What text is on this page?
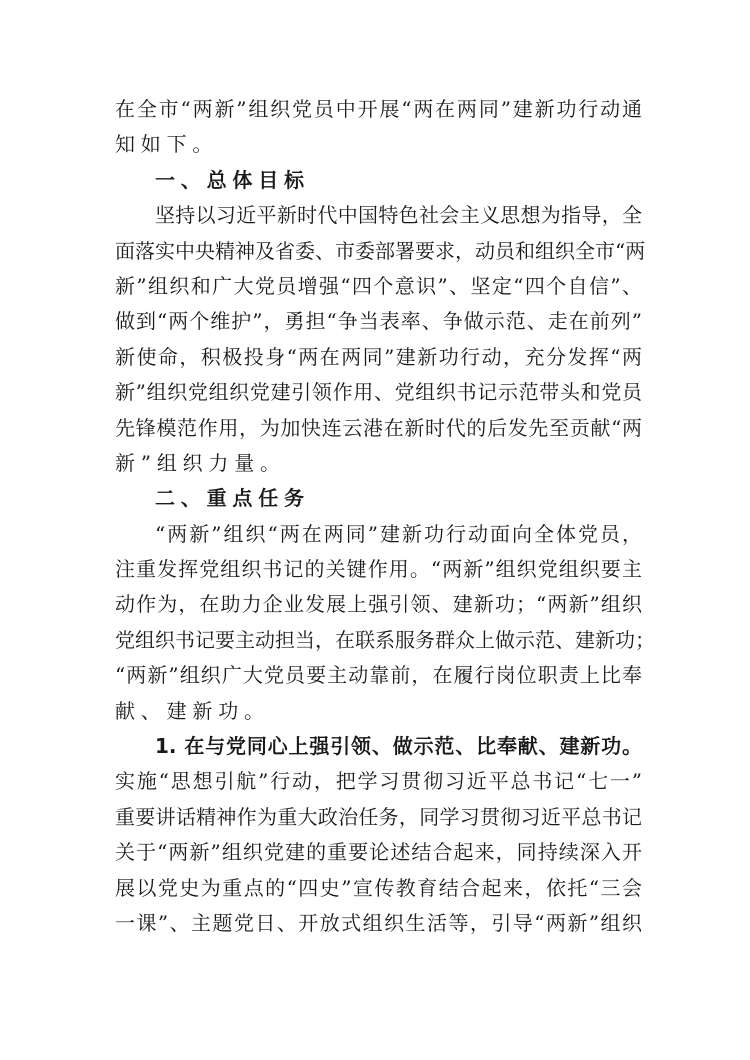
在全市“两新”组织党员中开展“两在两同”建新功行动通
知如下。
一、总体目标
坚持以习近平新时代中国特色社会主义思想为指导，全
面落实中央精神及省委、市委部署要求，动员和组织全市“两
新”组织和广大党员增强“四个意识”、坚定“四个自信”、
做到“两个维护”，勇担“争当表率、争做示范、走在前列”
新使命，积极投身“两在两同”建新功行动，充分发挥“两
新”组织党组织党建引领作用、党组织书记示范带头和党员
先锋模范作用，为加快连云港在新时代的后发先至贡献“两
新”组织力量。
二、重点任务
“两新”组织“两在两同”建新功行动面向全体党员，
注重发挥党组织书记的关键作用。“两新”组织党组织要主
动作为，在助力企业发展上强引领、建新功；“两新”组织
党组织书记要主动担当，在联系服务群众上做示范、建新功；
“两新”组织广大党员要主动靠前，在履行岗位职责上比奉
献、建新功。
1. 在与党同心上强引领、做示范、比奉献、建新功。
实施“思想引航”行动，把学习贯彻习近平总书记“七一”
重要讲话精神作为重大政治任务，同学习贯彻习近平总书记
关于“两新”组织党建的重要论述结合起来，同持续深入开
展以党史为重点的“四史”宣传教育结合起来，依托“三会
一课”、主题党日、开放式组织生活等，引导“两新”组织
